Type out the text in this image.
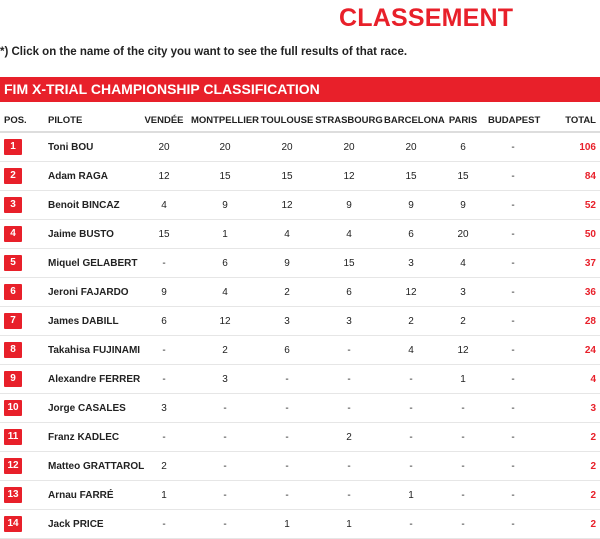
CLASSEMENT
*) Click on the name of the city you want to see the full results of that race.
FIM X-TRIAL CHAMPIONSHIP CLASSIFICATION
POS.	PILOTE	VENDÉE	MONTPELLIER	TOULOUSE	STRASBOURG	BARCELONA	PARIS	BUDAPEST	TOTAL
1	Toni BOU	20	20	20	20	20	6	-	106
2	Adam RAGA	12	15	15	12	15	15	-	84
3	Benoit BINCAZ	4	9	12	9	9	9	-	52
4	Jaime BUSTO	15	1	4	4	6	20	-	50
5	Miquel GELABERT	-	6	9	15	3	4	-	37
6	Jeroni FAJARDO	9	4	2	6	12	3	-	36
7	James DABILL	6	12	3	3	2	2	-	28
8	Takahisa FUJINAMI	-	2	6	-	4	12	-	24
9	Alexandre FERRER	-	3	-	-	-	1	-	4
10	Jorge CASALES	3	-	-	-	-	-	-	3
11	Franz KADLEC	-	-	-	2	-	-	-	2
12	Matteo GRATTAROL	2	-	-	-	-	-	-	2
13	Arnau FARRÉ	1	-	-	-	1	-	-	2
14	Jack PRICE	-	-	1	1	-	-	-	2
